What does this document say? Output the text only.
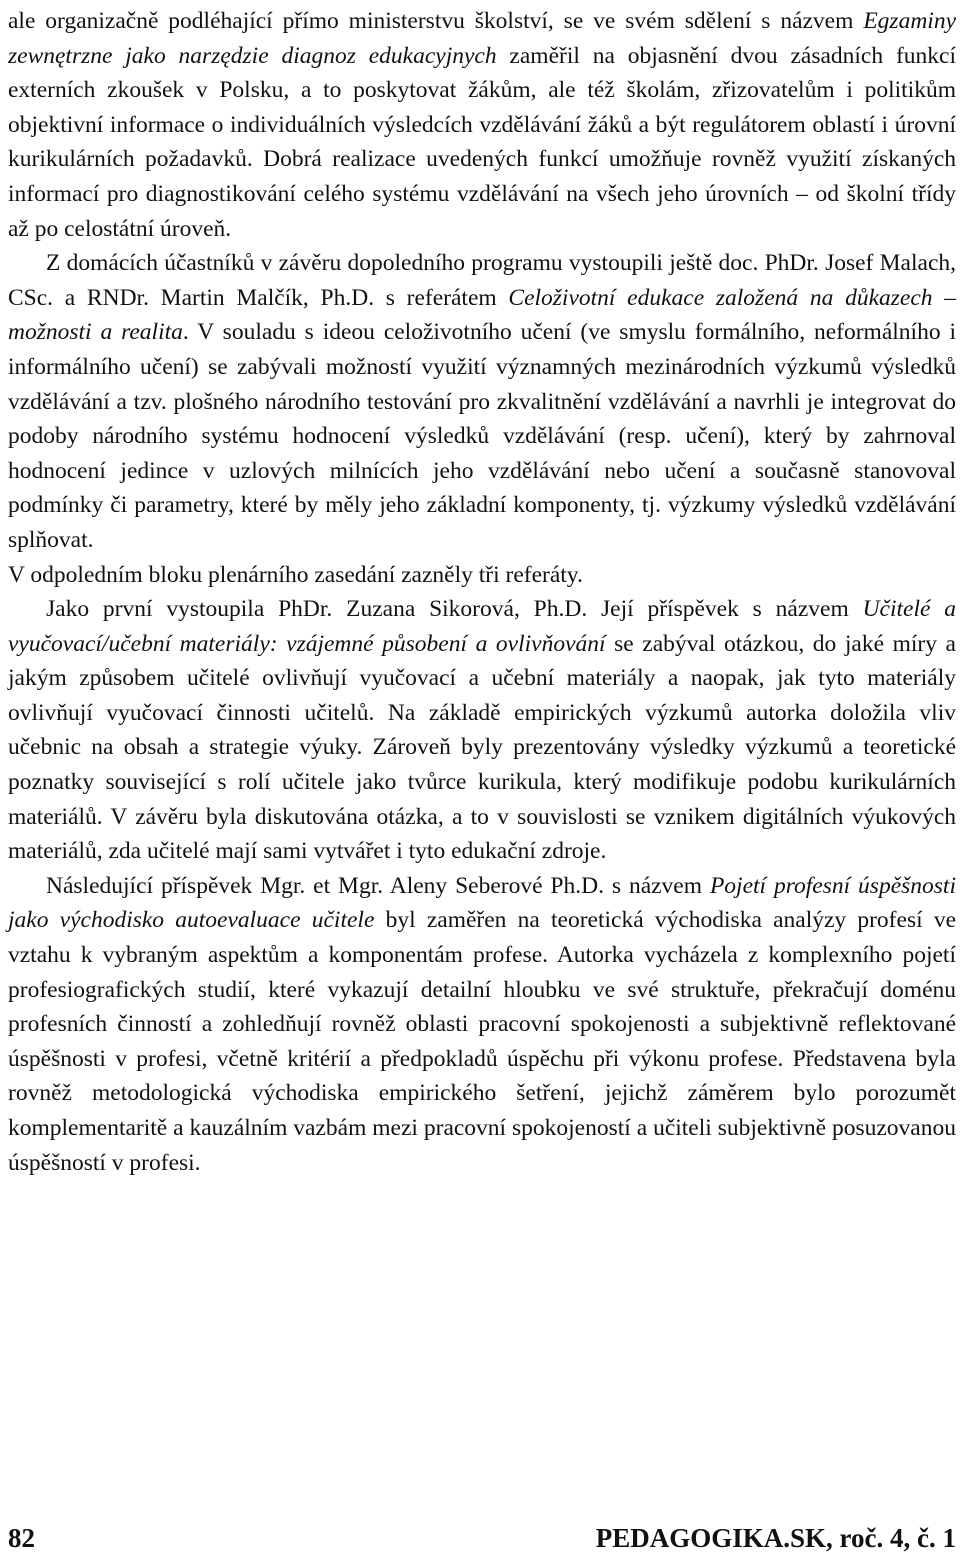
ale organizačně podléhající přímo ministerstvu školství, se ve svém sdělení s názvem Egzaminy zewnętrzne jako narzędzie diagnoz edukacyjnych zaměřil na objasnění dvou zásadních funkcí externích zkoušek v Polsku, a to poskytovat žákům, ale též školám, zřizovatelům i politikům objektivní informace o individuálních výsledcích vzdělávání žáků a být regulátorem oblastí i úrovní kurikulárních požadavků. Dobrá realizace uvedených funkcí umožňuje rovněž využití získaných informací pro diagnostikování celého systému vzdělávání na všech jeho úrovních – od školní třídy až po celostátní úroveň.

Z domácích účastníků v závěru dopoledního programu vystoupili ještě doc. PhDr. Josef Malach, CSc. a RNDr. Martin Malčík, Ph.D. s referátem Celoživotní edukace založená na důkazech – možnosti a realita. V souladu s ideou celoživotního učení (ve smyslu formálního, neformálního i informálního učení) se zabývali možností využití významných mezinárodních výzkumů výsledků vzdělávání a tzv. plošného národního testování pro zkvalitnění vzdělávání a navrhli je integrovat do podoby národního systému hodnocení výsledků vzdělávání (resp. učení), který by zahrnoval hodnocení jedince v uzlových milnících jeho vzdělávání nebo učení a současně stanovoval podmínky či parametry, které by měly jeho základní komponenty, tj. výzkumy výsledků vzdělávání splňovat.

V odpoledním bloku plenárního zasedání zazněly tři referáty.

Jako první vystoupila PhDr. Zuzana Sikorová, Ph.D. Její příspěvek s názvem Učitelé a vyučovací/učební materiály: vzájemné působení a ovlivňování se zabýval otázkou, do jaké míry a jakým způsobem učitelé ovlivňují vyučovací a učební materiály a naopak, jak tyto materiály ovlivňují vyučovací činnosti učitelů. Na základě empirických výzkumů autorka doložila vliv učebnic na obsah a strategie výuky. Zároveň byly prezentovány výsledky výzkumů a teoretické poznatky související s rolí učitele jako tvůrce kurikula, který modifikuje podobu kurikulárních materiálů. V závěru byla diskutována otázka, a to v souvislosti se vznikem digitálních výukových materiálů, zda učitelé mají sami vytvářet i tyto edukační zdroje.

Následující příspěvek Mgr. et Mgr. Aleny Seberové Ph.D. s názvem Pojetí profesní úspěšnosti jako východisko autoevaluace učitele byl zaměřen na teoretická východiska analýzy profesí ve vztahu k vybraným aspektům a komponentám profese. Autorka vycházela z komplexního pojetí profesiografických studií, které vykazují detailní hloubku ve své struktuře, překračují doménu profesních činností a zohledňují rovněž oblasti pracovní spokojenosti a subjektivně reflektované úspěšnosti v profesi, včetně kritérií a předpokladů úspěchu při výkonu profese. Představena byla rovněž metodologická východiska empirického šetření, jejichž záměrem bylo porozumět komplementaritě a kauzálním vazbám mezi pracovní spokojeností a učiteli subjektivně posuzovanou úspěšností v profesi.

82	PEDAGOGIKA.SK, roč. 4, č. 1
